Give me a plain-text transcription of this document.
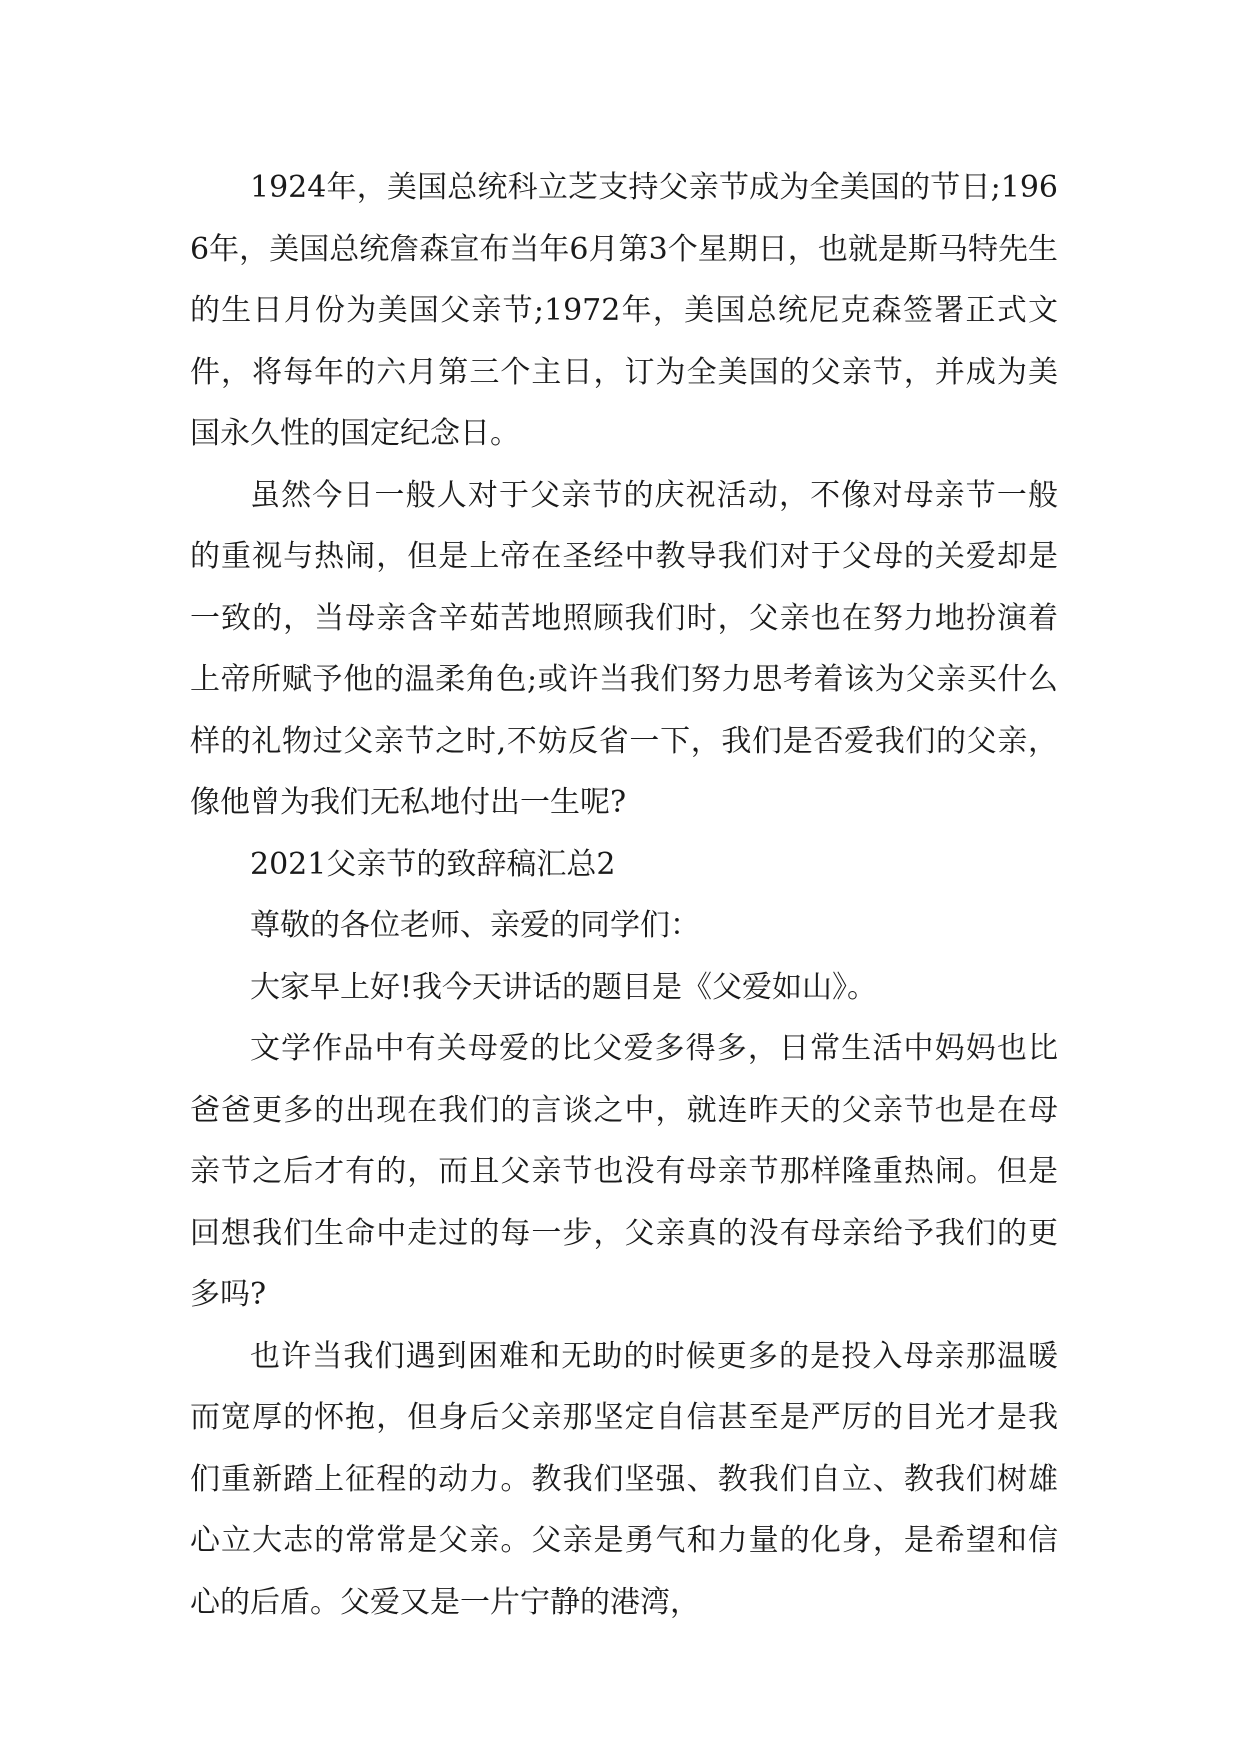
1924年，美国总统科立芝支持父亲节成为全美国的节日;1966年，美国总统詹森宣布当年6月第3个星期日，也就是斯马特先生的生日月份为美国父亲节;1972年，美国总统尼克森签署正式文件，将每年的六月第三个主日，订为全美国的父亲节，并成为美国永久性的国定纪念日。

虽然今日一般人对于父亲节的庆祝活动，不像对母亲节一般的重视与热闹，但是上帝在圣经中教导我们对于父母的关爱却是一致的，当母亲含辛茹苦地照顾我们时，父亲也在努力地扮演着上帝所赋予他的温柔角色;或许当我们努力思考着该为父亲买什么样的礼物过父亲节之时,不妨反省一下，我们是否爱我们的父亲，像他曾为我们无私地付出一生呢?

2021父亲节的致辞稿汇总2

尊敬的各位老师、亲爱的同学们：

大家早上好!我今天讲话的题目是《父爱如山》。

文学作品中有关母爱的比父爱多得多，日常生活中妈妈也比爸爸更多的出现在我们的言谈之中，就连昨天的父亲节也是在母亲节之后才有的，而且父亲节也没有母亲节那样隆重热闹。但是回想我们生命中走过的每一步，父亲真的没有母亲给予我们的更多吗?

也许当我们遇到困难和无助的时候更多的是投入母亲那温暖而宽厚的怀抱，但身后父亲那坚定自信甚至是严厉的目光才是我们重新踏上征程的动力。教我们坚强、教我们自立、教我们树雄心立大志的常常是父亲。父亲是勇气和力量的化身，是希望和信心的后盾。父爱又是一片宁静的港湾，
